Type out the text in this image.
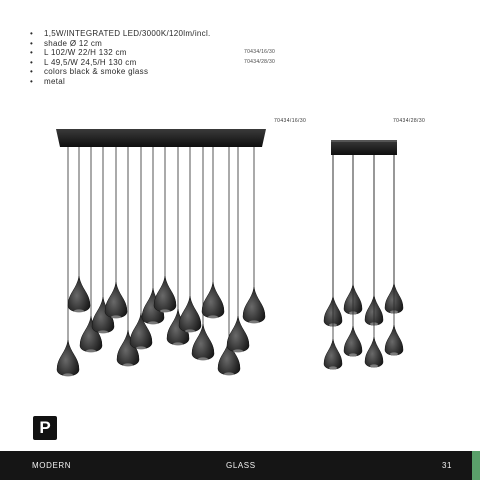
• 1,5W/INTEGRATED LED/3000K/120lm/incl.
• shade Ø 12 cm
• L 102/W 22/H 132 cm	70434/16/30
• L 49,5/W 24,5/H 130 cm	70434/28/30
• colors black & smoke glass
• metal
70434/16/30	70434/28/30
P
MODERN	GLASS	31
